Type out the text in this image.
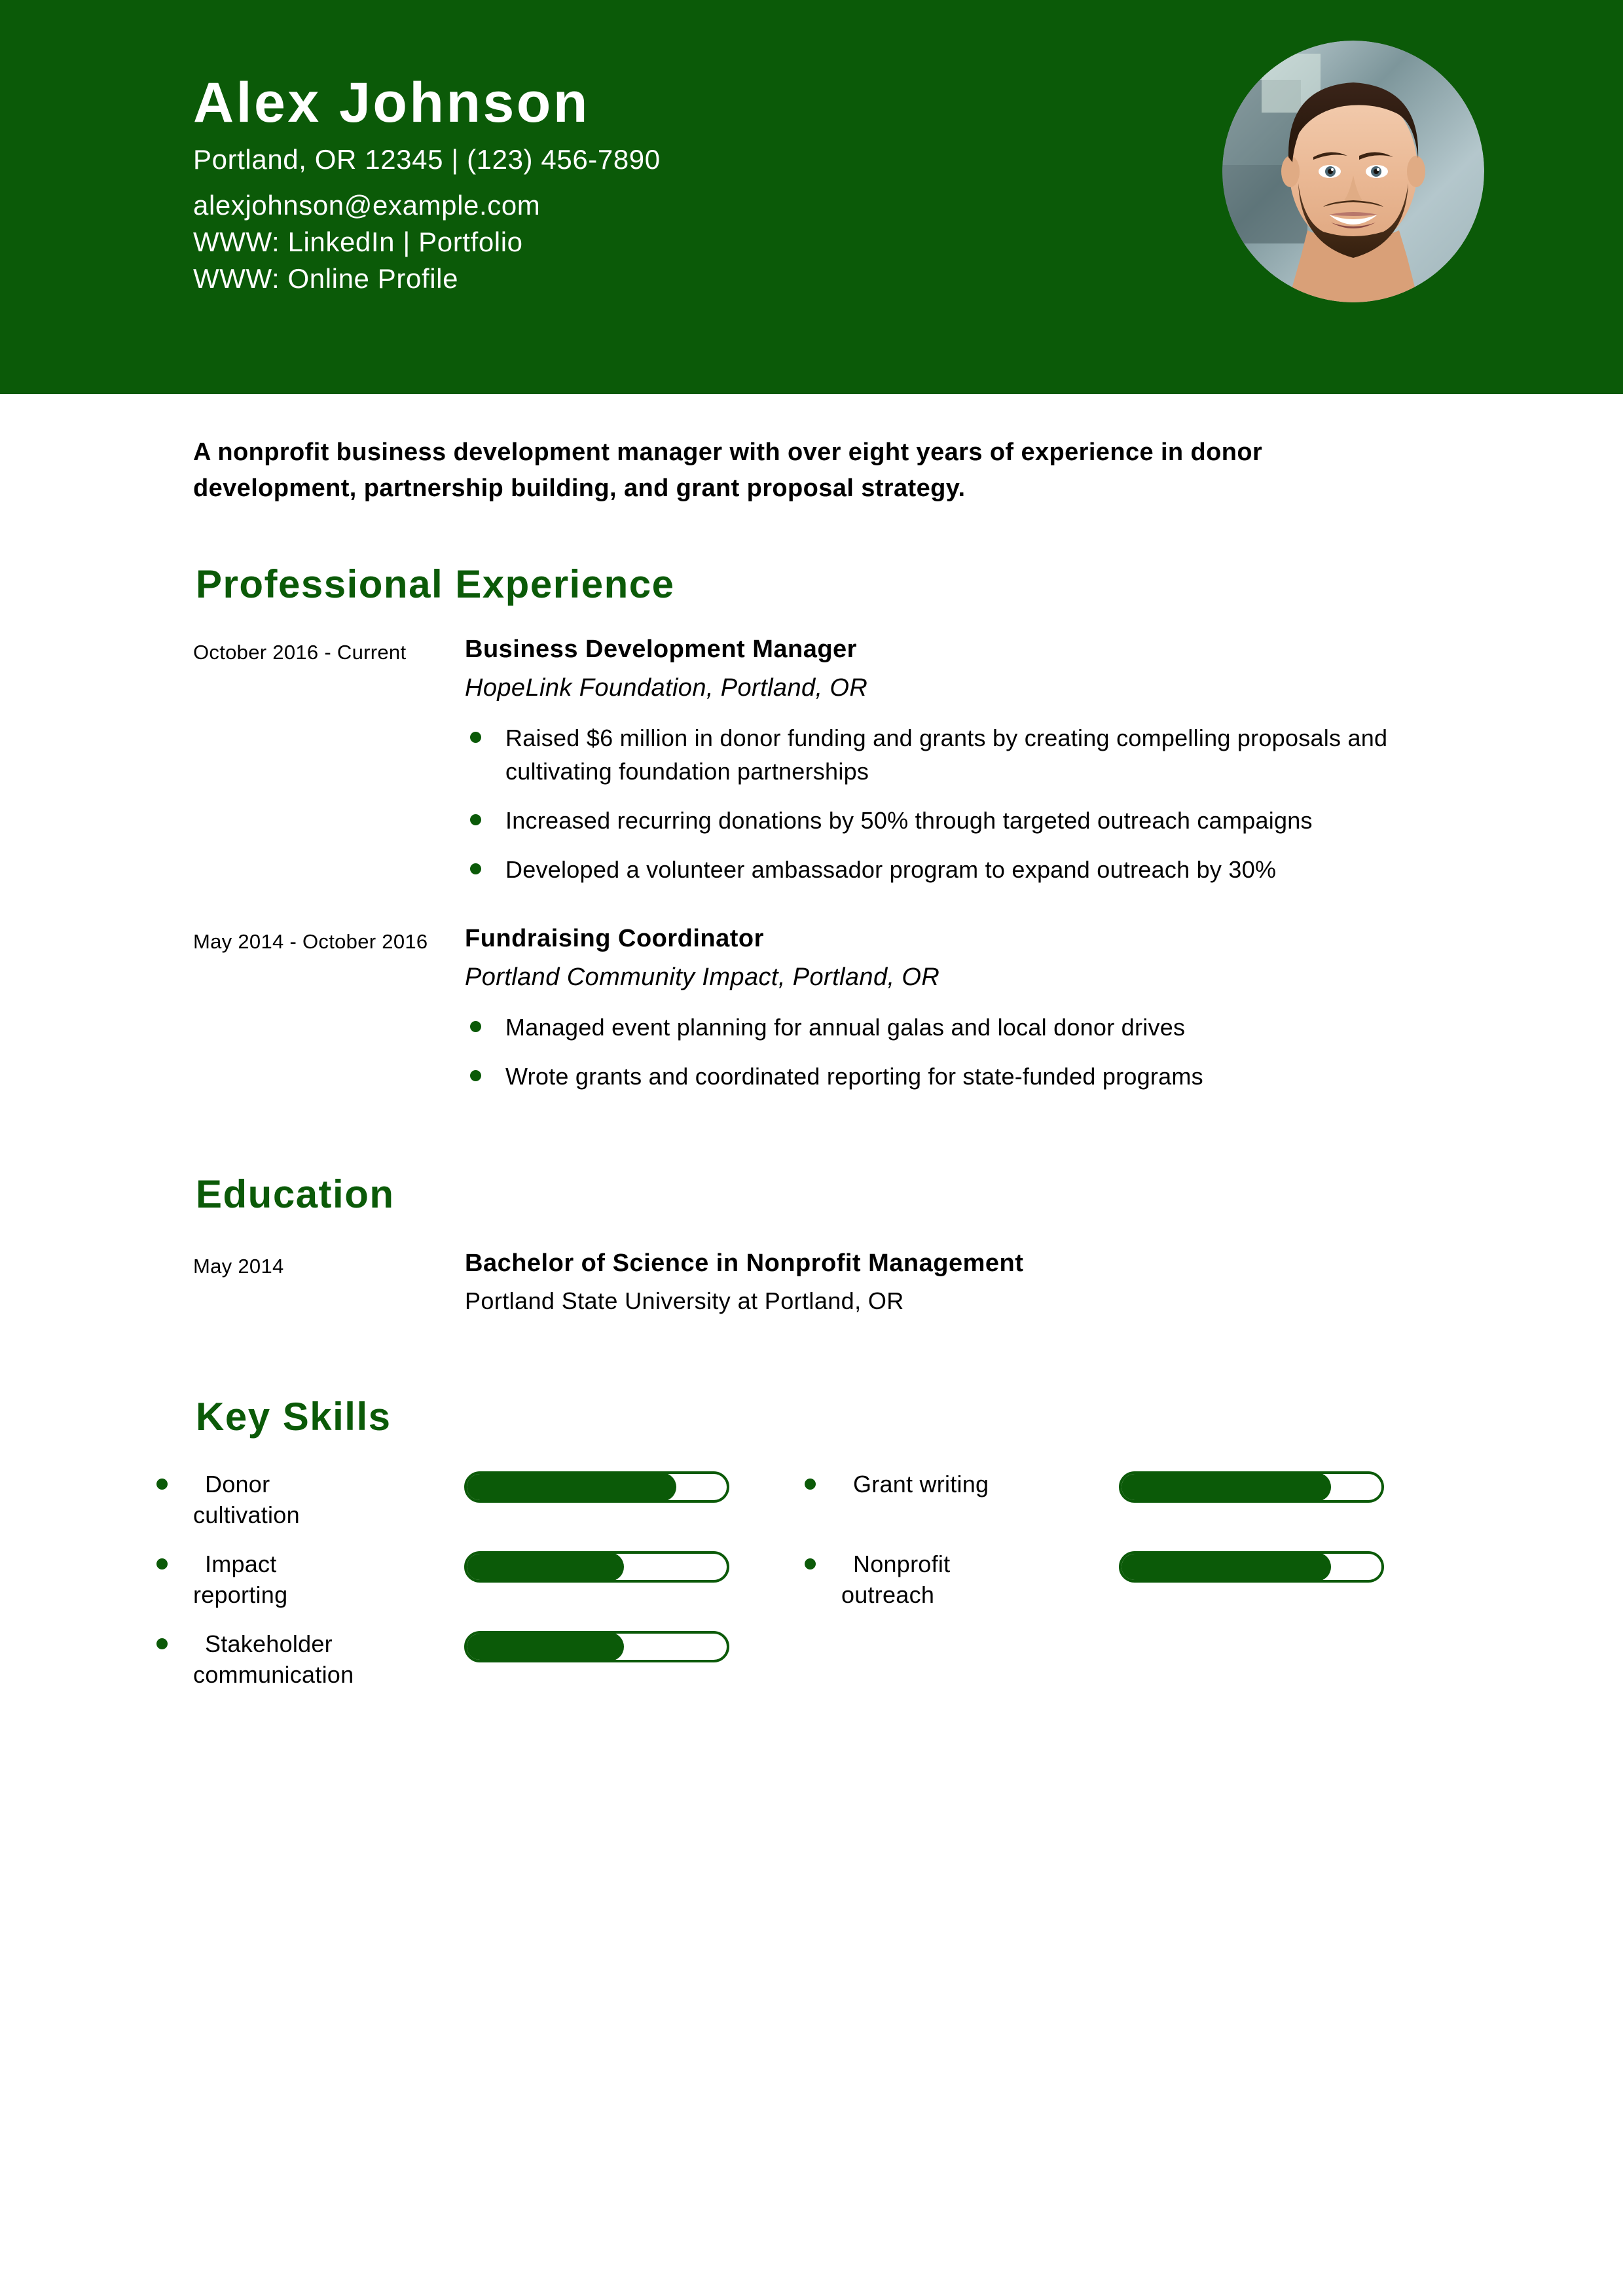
Alex Johnson

Portland, OR 12345 | (123) 456-7890

alexjohnson@example.com

WWW: LinkedIn | Portfolio

WWW: Online Profile

A nonprofit business development manager with over eight years of experience in donor development, partnership building, and grant proposal strategy.

Professional Experience
October 2016 - Current	Business Development Manager
HopeLink Foundation, Portland, OR
Raised $6 million in donor funding and grants by creating compelling proposals and cultivating foundation partnerships
Increased recurring donations by 50% through targeted outreach campaigns
Developed a volunteer ambassador program to expand outreach by 30%
May 2014 - October 2016	Fundraising Coordinator
Portland Community Impact, Portland, OR
Managed event planning for annual galas and local donor drives
Wrote grants and coordinated reporting for state-funded programs
Education
May 2014	Bachelor of Science in Nonprofit Management
Portland State University at Portland, OR
Key Skills
Donor
cultivation
Grant writing
Impact
reporting
Nonprofit
outreach
Stakeholder
communication
